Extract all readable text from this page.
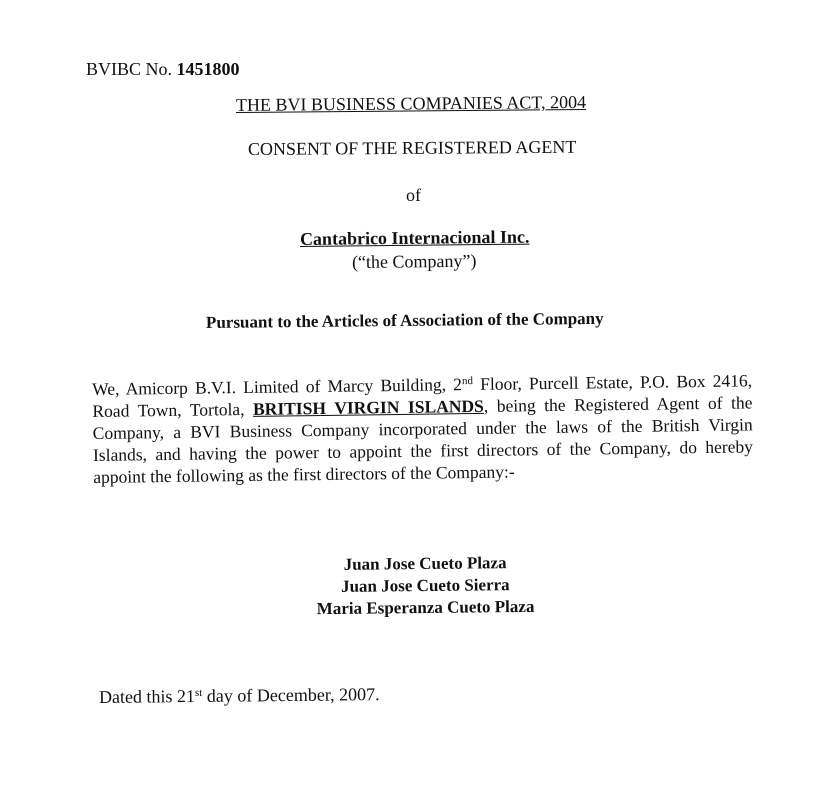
BVIBC No. 1451800
THE BVI BUSINESS COMPANIES ACT, 2004
CONSENT OF THE REGISTERED AGENT
of
Cantabrico Internacional Inc.
(“the Company”)
Pursuant to the Articles of Association of the Company
We, Amicorp B.V.I. Limited of Marcy Building, 2nd Floor, Purcell Estate, P.O. Box 2416,
Road Town, Tortola, BRITISH VIRGIN ISLANDS, being the Registered Agent of the
Company, a BVI Business Company incorporated under the laws of the British Virgin
Islands, and having the power to appoint the first directors of the Company, do hereby
appoint the following as the first directors of the Company:-
Juan Jose Cueto Plaza
Juan Jose Cueto Sierra
Maria Esperanza Cueto Plaza
Dated this 21st day of December, 2007.
